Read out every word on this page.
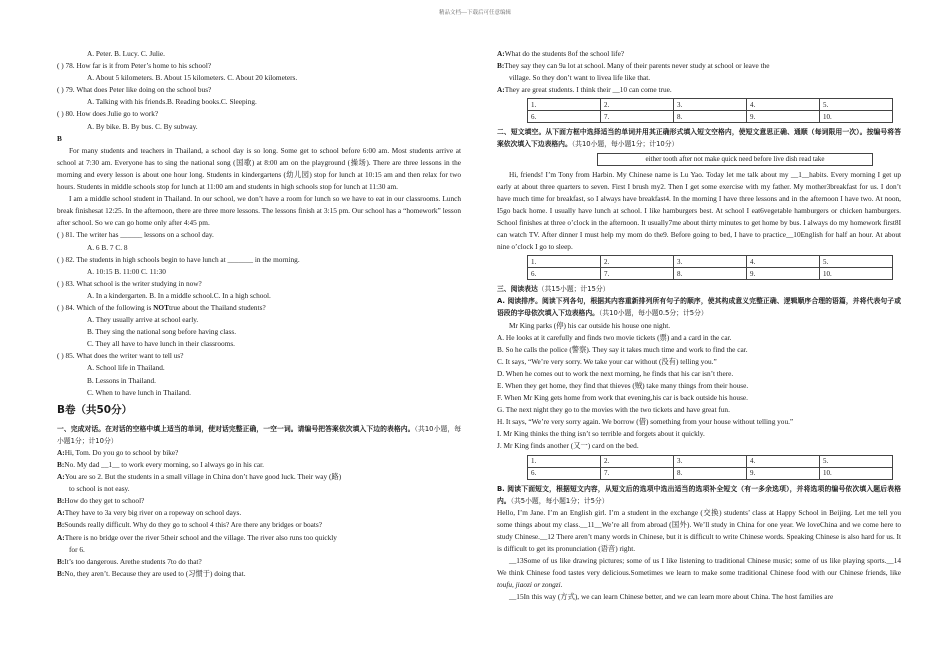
精品文档---下载后可任意编辑
A. Peter. B. Lucy. C. Julie.
( ) 78. How far is it from Peter’s home to his school?
A. About 5 kilometers. B. About 15 kilometers. C. About 20 kilometers.
( ) 79. What does Peter like doing on the school bus?
A. Talking with his friends.B. Reading books.C. Sleeping.
( ) 80. How does Julie go to work?
A. By bike. B. By bus. C. By subway.
B
For many students and teachers in Thailand, a school day is so long. Some get to school before 6:00 am. Most students arrive at school at 7:30 am. Everyone has to sing the national song (国歌) at 8:00 am on the playground (操场). There are three lessons in the morning and every lesson is about one hour long. Students in kindergartens (幼儿园) stop for lunch at 10:15 am and then relax for two hours. Students in middle schools stop for lunch at 11:00 am and students in high schools stop for lunch at 11:30 am.
I am a middle school student in Thailand. In our school, we don’t have a room for lunch so we have to eat in our classrooms. Lunch break finishesat 12:25. In the afternoon, there are three more lessons. The lessons finish at 3:15 pm. Our school has a “homework” lesson after school. So we can go home only after 4:45 pm.
( ) 81. The writer has ______ lessons on a school day.
A. 6 B. 7 C. 8
( ) 82. The students in high schools begin to have lunch at _______ in the morning.
A. 10:15 B. 11:00 C. 11:30
( ) 83. What school is the writer studying in now?
A. In a kindergarten. B. In a middle school.C. In a high school.
( ) 84. Which of the following is NOTtrue about the Thailand students?
A. They usually arrive at school early.
B. They sing the national song before having class.
C. They all have to have lunch in their classrooms.
( ) 85. What does the writer want to tell us?
A. School life in Thailand.
B. Lessons in Thailand.
C. When to have lunch in Thailand.
B卷（共50分）
一、完成对话。在对话的空格中填上适当的单词，使对话完整正确，一空一词。请编号把答案依次填入下边的表格内。（共10小题，每小题1分；计10分）
A:Hi, Tom. Do you go to school by bike?
B:No. My dad __1__ to work every morning, so I always go in his car.
A:You are so 2. But the students in a small village in China don’t have good luck. Their way (路)
to school is not easy.
B:How do they get to school?
A:They have to 3a very big river on a ropeway on school days.
B:Sounds really difficult. Why do they go to school 4 this? Are there any bridges or boats?
A:There is no bridge over the river 5their school and the village. The river also runs too quickly
for 6.
B:It’s too dangerous. Arethe students 7to do that?
B:No, they aren’t. Because they are used to (习惯于) doing that.
A:What do the students 8of the school life?
B:They say they can 9a lot at school. Many of their parents never study at school or leave the
village. So they don’t want to livea life like that.
A:They are great students. I think their __10 can come true.
1.	2.	3.	4.	5.
6.	7.	8.	9.	10.
二、短文填空。从下面方框中选择适当的单词并用其正确形式填入短文空格内，使短文意思正确、通顺（每词限用一次）。按编号将答案依次填入下边表格内。（共10小题，每小题1分；计10分）
either tooth after not make quick need before live dish read take
Hi, friends! I’m Tony from Harbin. My Chinese name is Lu Yao. Today let me talk about my __1__habits. Every morning I get up early at about three quarters to seven. First I brush my2. Then I get some exercise with my father. My mother3breakfast for us. I don’t have much time for breakfast, so I always have breakfast4. In the morning I have three lessons and in the afternoon I have two. At noon, I5go back home. I usually have lunch at school. I like hamburgers best. At school I eat6vegetable hamburgers or chicken hamburgers. School finishes at three o’clock in the afternoon. It usually7me about thirty minutes to get home by bus. I always do my homework first8I can watch TV. After dinner I must help my mom do the9. Before going to bed, I have to practice__10English for half an hour. At about nine o’clock I go to sleep.
1.	2.	3.	4.	5.
6.	7.	8.	9.	10.
三、阅读表达（共15小题；计15分）
A. 阅读排序。阅读下列各句，根据其内容重新排列所有句子的顺序，使其构成意义完整正确、逻辑顺序合理的语篇，并将代表句子或语段的字母依次填入下边表格内。（共10小题，每小题0.5分；计5分）
Mr King parks (停) his car outside his house one night.
A. He looks at it carefully and finds two movie tickets (票) and a card in the car.
B. So he calls the police (警察). They say it takes much time and work to find the car.
C. It says, “We’re very sorry. We take your car without (没有) telling you.”
D. When he comes out to work the next morning, he finds that his car isn’t there.
E. When they get home, they find that thieves (贼) take many things from their house.
F. When Mr King gets home from work that evening,his car is back outside his house.
G. The next night they go to the movies with the two tickets and have great fun.
H. It says, “We’re very sorry again. We borrow (借) something from your house without telling you.”
I. Mr King thinks the thing isn’t so terrible and forgets about it quickly.
J. Mr King finds another (又一) card on the bed.
1.	2.	3.	4.	5.
6.	7.	8.	9.	10.
B. 阅读下面短文，根据短文内容，从短文后的选项中选出适当的选项补全短文（有一多余选项），并将选项的编号依次填入题后表格内。（共5小题，每小题1分；计5分）
Hello, I’m Jane. I’m an English girl. I’m a student in the exchange (交换) students’ class at Happy School in Beijing. Let me tell you some things about my class.__11__We’re all from abroad (国外). We’ll study in China for one year. We loveChina and we come here to study Chinese.__12 There aren’t many words in Chinese, but it is difficult to write Chinese words. Speaking Chinese is also hard for us. It is difficult to get its pronunciation (语音) right.
__13Some of us like drawing pictures; some of us I like listening to traditional Chinese music; some of us like playing sports.__14 We think Chinese food tastes very delicious.Sometimes we learn to make some traditional Chinese food with our Chinese friends, like toufu, jiaozi or zongzi.
__15In this way (方式), we can learn Chinese better, and we can learn more about China. The host families are
